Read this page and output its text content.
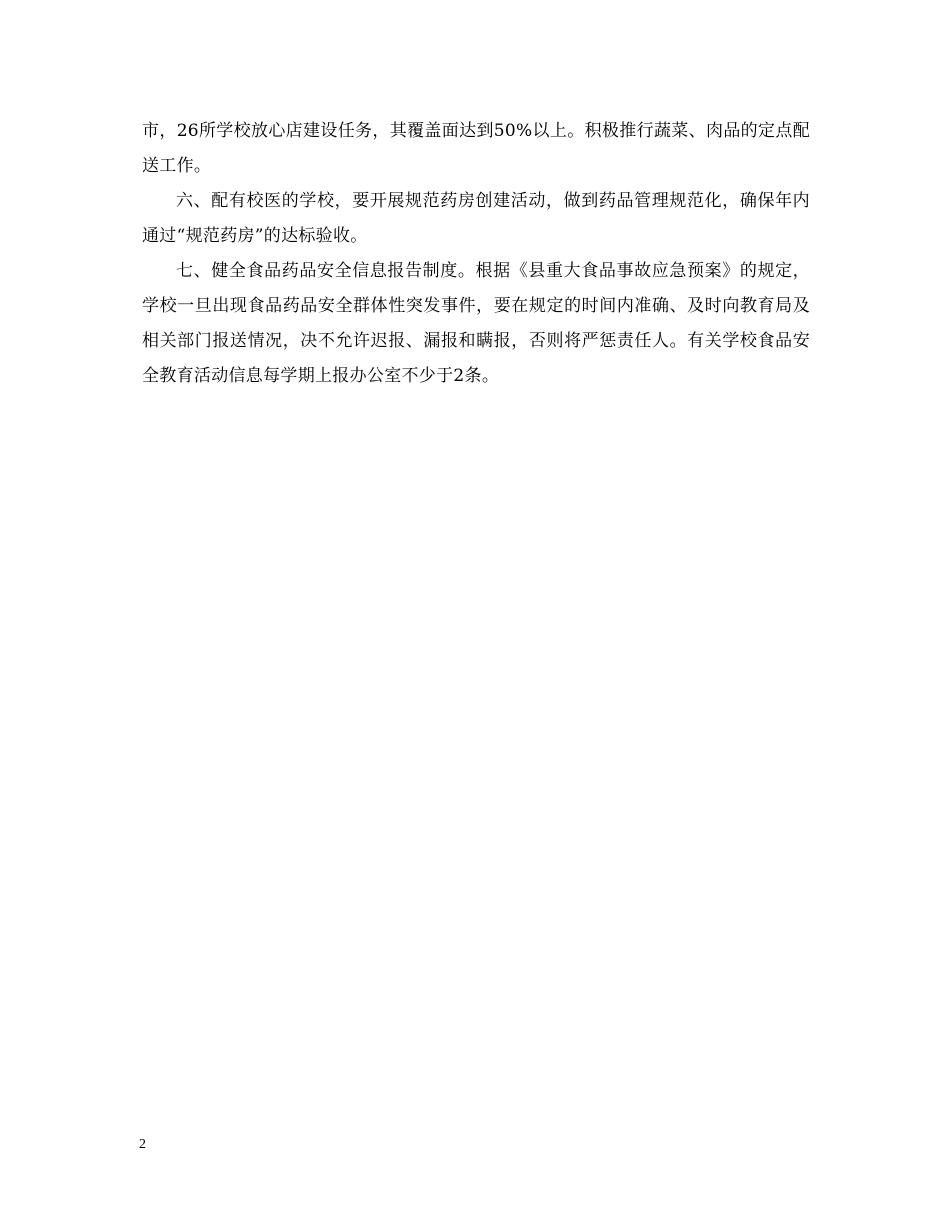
市，26所学校放心店建设任务，其覆盖面达到50%以上。积极推行蔬菜、肉品的定点配送工作。

六、配有校医的学校，要开展规范药房创建活动，做到药品管理规范化，确保年内通过“规范药房”的达标验收。

七、健全食品药品安全信息报告制度。根据《县重大食品事故应急预案》的规定，学校一旦出现食品药品安全群体性突发事件，要在规定的时间内准确、及时向教育局及相关部门报送情况，决不允许迟报、漏报和瞒报，否则将严惩责任人。有关学校食品安全教育活动信息每学期上报办公室不少于2条。

2
